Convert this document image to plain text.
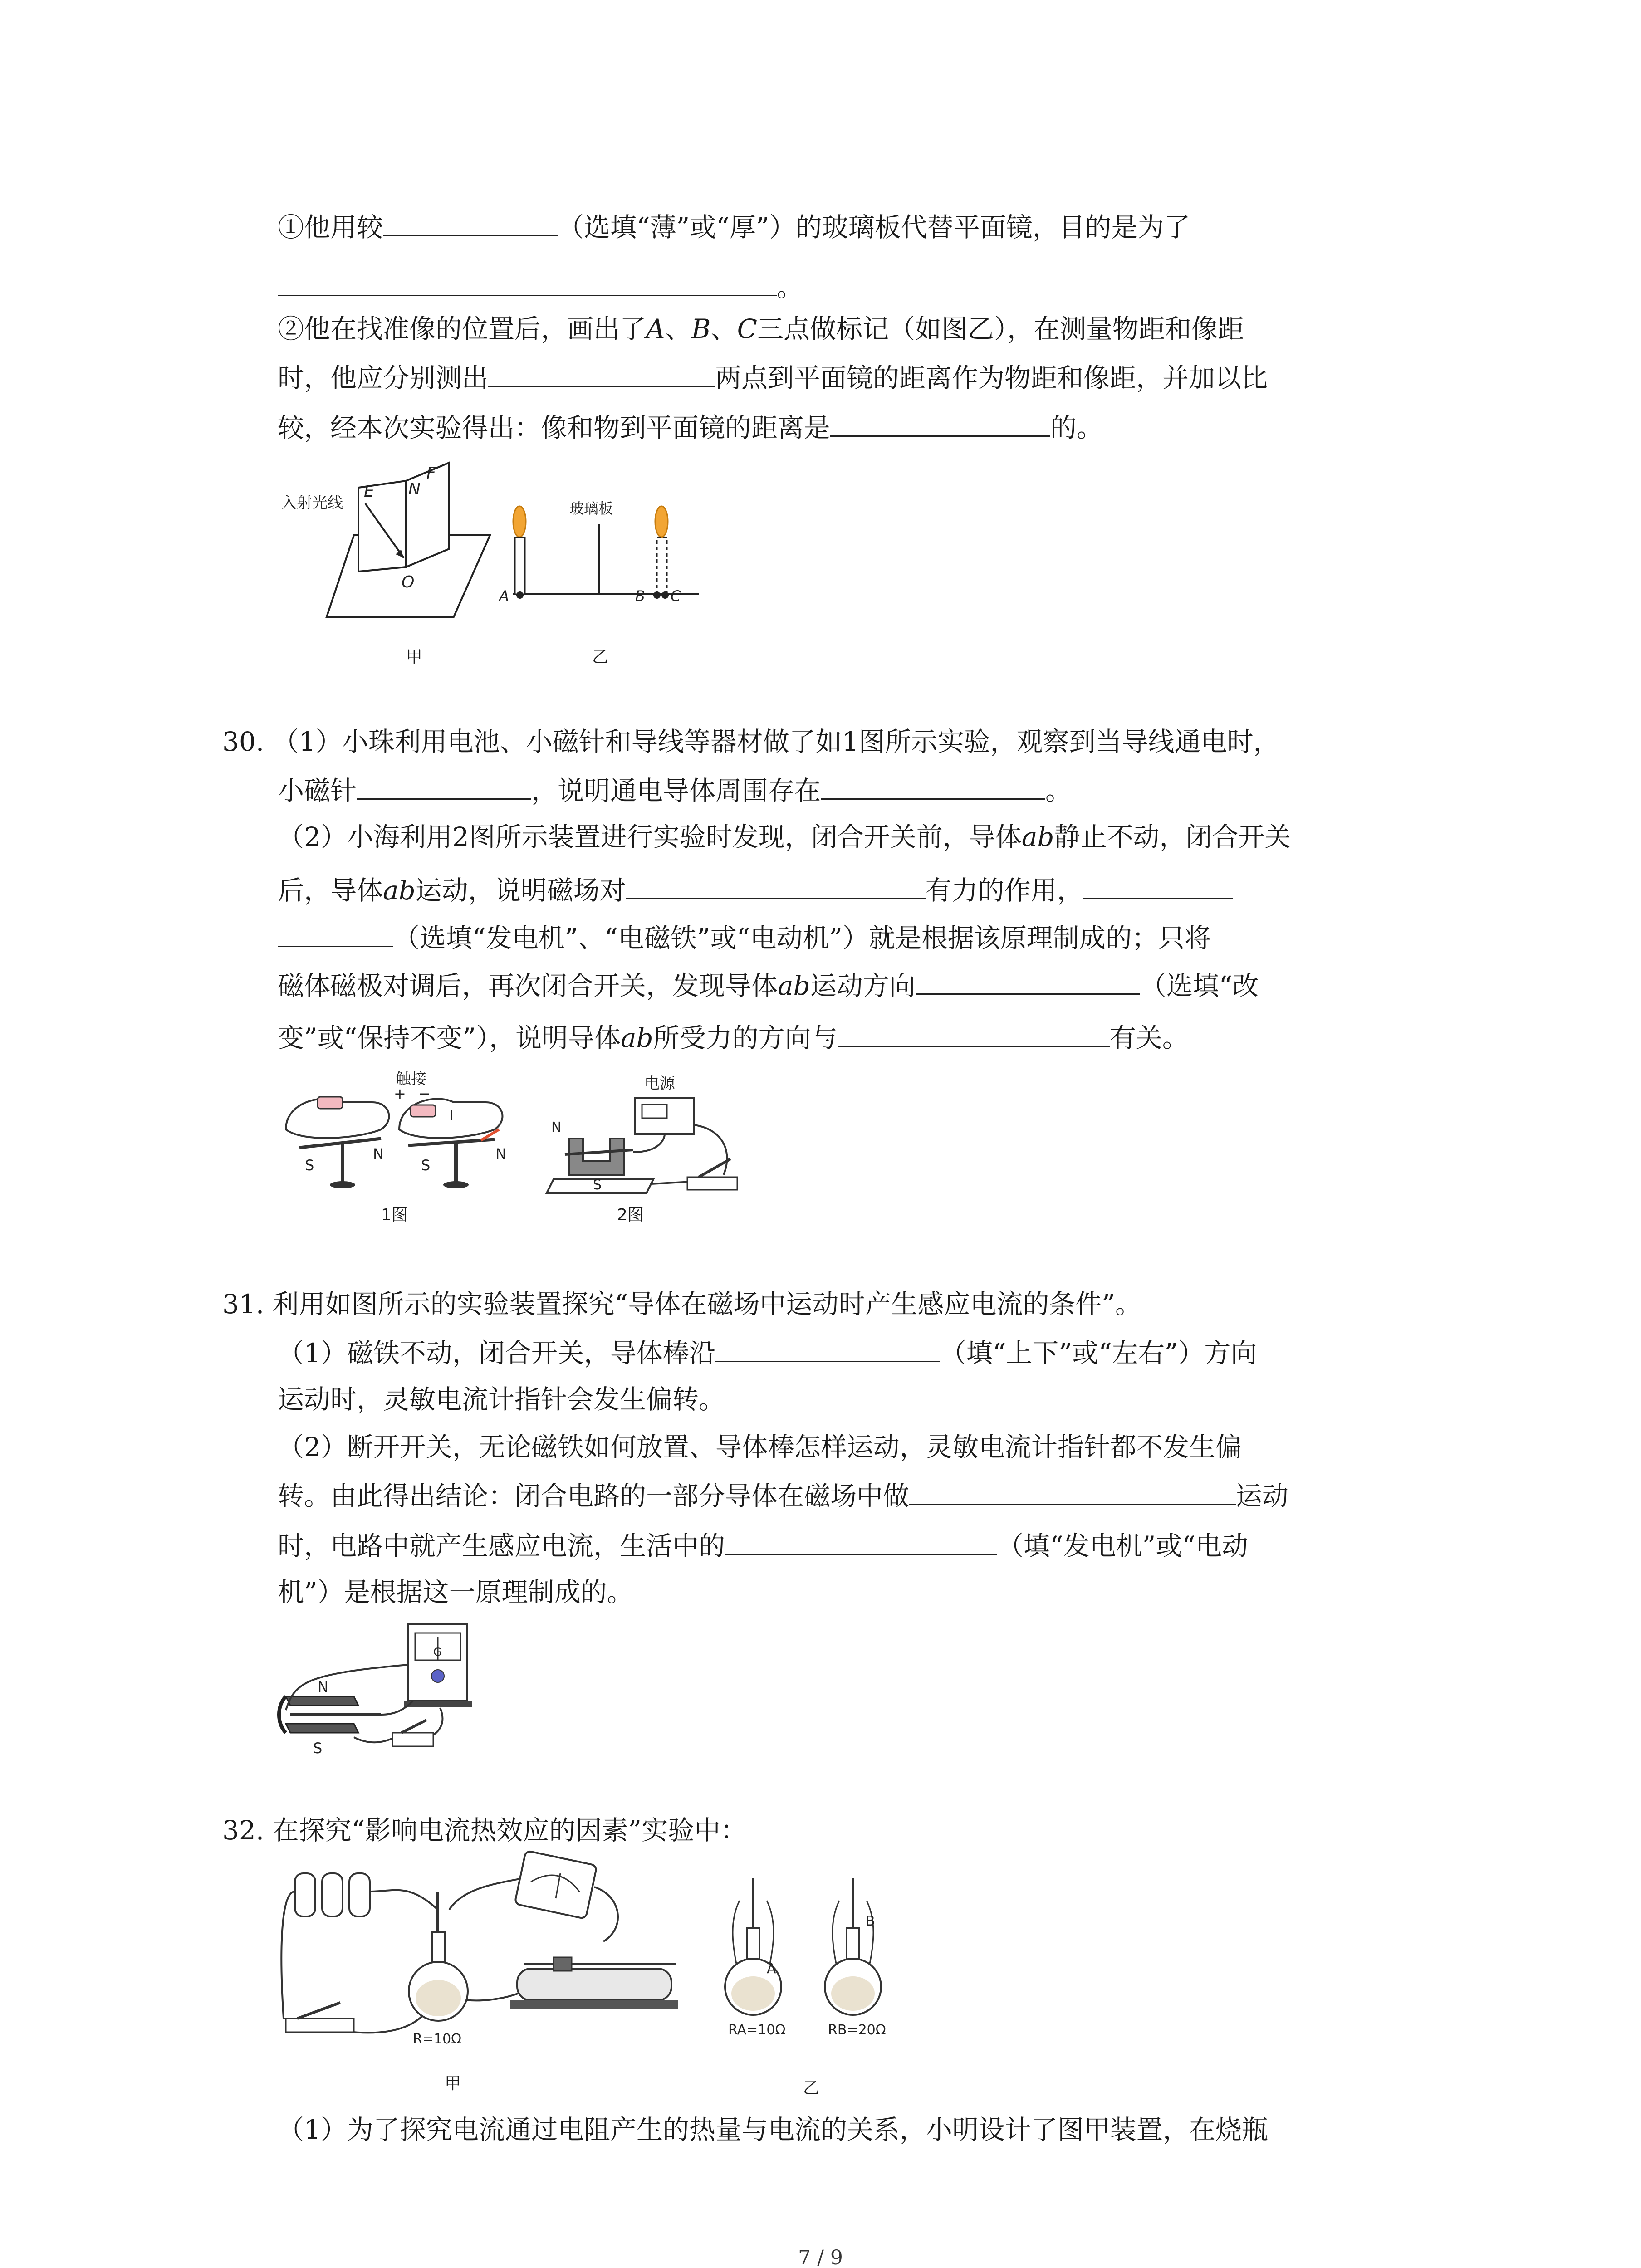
①他用较	（选填“薄”或“厚”）的玻璃板代替平面镜，目的是为了
。
②他在找准像的位置后，画出了A、B、C三点做标记（如图乙），在测量物距和像距
时，他应分别测出	两点到平面镜的距离作为物距和像距，并加以比
较，经本次实验得出：像和物到平面镜的距离是	的。
入射光线
E N
F
O
甲
A
玻璃板
B C
乙
30. （1）小珠利用电池、小磁针和导线等器材做了如1图所示实验，观察到当导线通电时，
小磁针	，说明通电导体周围存在	。
（2）小海利用2图所示装置进行实验时发现，闭合开关前，导体ab静止不动，闭合开关
后，导体ab运动，说明磁场对	有力的作用，
（选填“发电机”、“电磁铁”或“电动机”）就是根据该原理制成的；只将
磁体磁极对调后，再次闭合开关，发现导体ab运动方向	（选填“改
变”或“保持不变”），说明导体ab所受力的方向与	有关。
S
N
触接
+ −
I
S
N
1图
N
S
电源
2图
31. 利用如图所示的实验装置探究“导体在磁场中运动时产生感应电流的条件”。
（1）磁铁不动，闭合开关，导体棒沿	（填“上下”或“左右”）方向
运动时，灵敏电流计指针会发生偏转。
（2）断开开关，无论磁铁如何放置、导体棒怎样运动，灵敏电流计指针都不发生偏
转。由此得出结论：闭合电路的一部分导体在磁场中做	运动
时，电路中就产生感应电流，生活中的	（填“发电机”或“电动
机”）是根据这一原理制成的。
G
N
S
32. 在探究“影响电流热效应的因素”实验中：
R=10Ω
甲
A
RA=10Ω
B
RB=20Ω
乙
（1）为了探究电流通过电阻产生的热量与电流的关系，小明设计了图甲装置，在烧瓶
7 / 9
